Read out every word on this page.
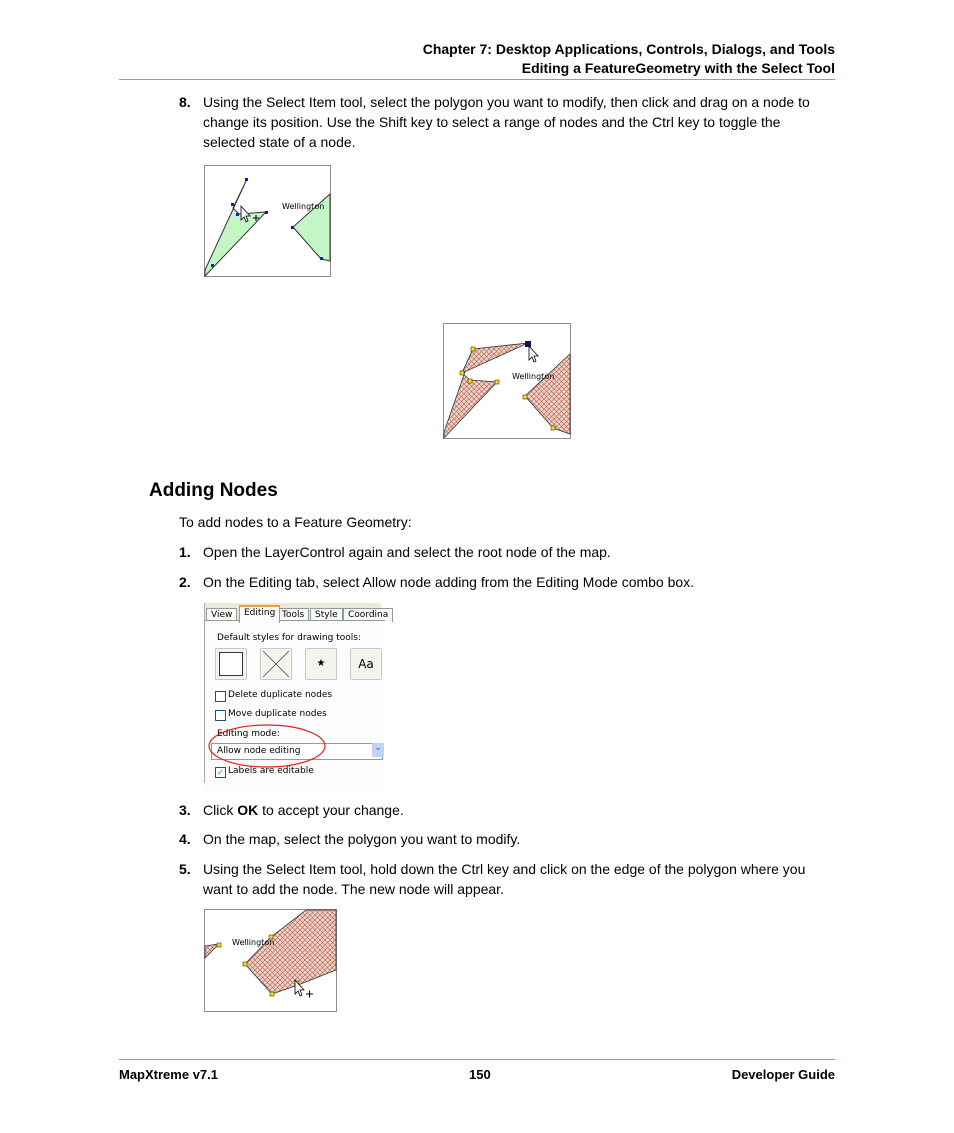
Chapter 7: Desktop Applications, Controls, Dialogs, and Tools
Editing a FeatureGeometry with the Select Tool
8. Using the Select Item tool, select the polygon you want to modify, then click and drag on a node to change its position. Use the Shift key to select a range of nodes and the Ctrl key to toggle the selected state of a node.
Wellington
Wellington
Adding Nodes
To add nodes to a Feature Geometry:
1. Open the LayerControl again and select the root node of the map.
2. On the Editing tab, select Allow node adding from the Editing Mode combo box.
View	Editing Tools	Style	Coordina
Default styles for drawing tools:
★	Aa
Delete duplicate nodes
Move duplicate nodes
Editing mode:
Allow node editing	⌄
✓ Labels are editable
3. Click OK to accept your change.
4. On the map, select the polygon you want to modify.
5. Using the Select Item tool, hold down the Ctrl key and click on the edge of the polygon where you want to add the node. The new node will appear.
Wellington
MapXtreme v7.1	150	Developer Guide
